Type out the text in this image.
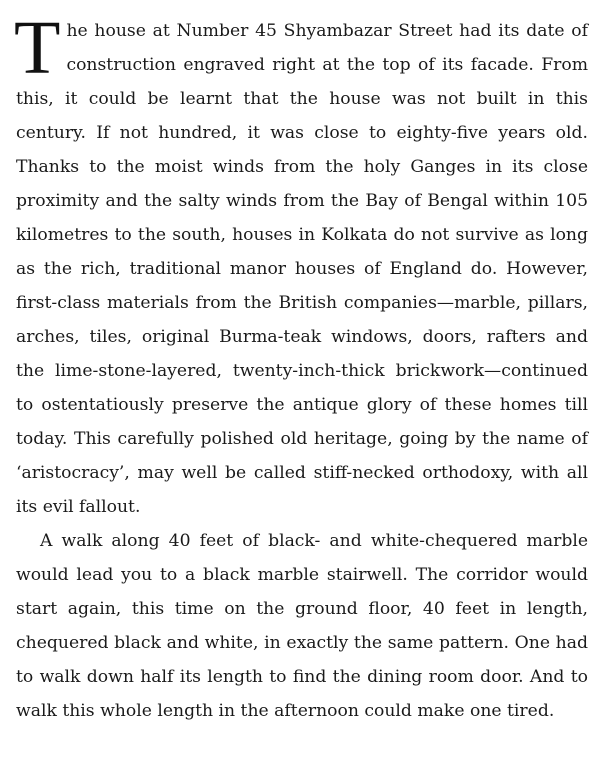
The house at Number 45 Shyambazar Street had its date of construction engraved right at the top of its facade. From this, it could be learnt that the house was not built in this century. If not hundred, it was close to eighty-five years old. Thanks to the moist winds from the holy Ganges in its close proximity and the salty winds from the Bay of Bengal within 105 kilometres to the south, houses in Kolkata do not survive as long as the rich, traditional manor houses of England do. However, first-class materials from the British companies—marble, pillars, arches, tiles, original Burma-teak windows, doors, rafters and the lime-stone-layered, twenty-inch-thick brickwork—continued to ostentatiously preserve the antique glory of these homes till today. This carefully polished old heritage, going by the name of ‘aristocracy’, may well be called stiff-necked orthodoxy, with all its evil fallout.

A walk along 40 feet of black- and white-chequered marble would lead you to a black marble stairwell. The corridor would start again, this time on the ground floor, 40 feet in length, chequered black and white, in exactly the same pattern. One had to walk down half its length to find the dining room door. And to walk this whole length in the afternoon could make one tired.
